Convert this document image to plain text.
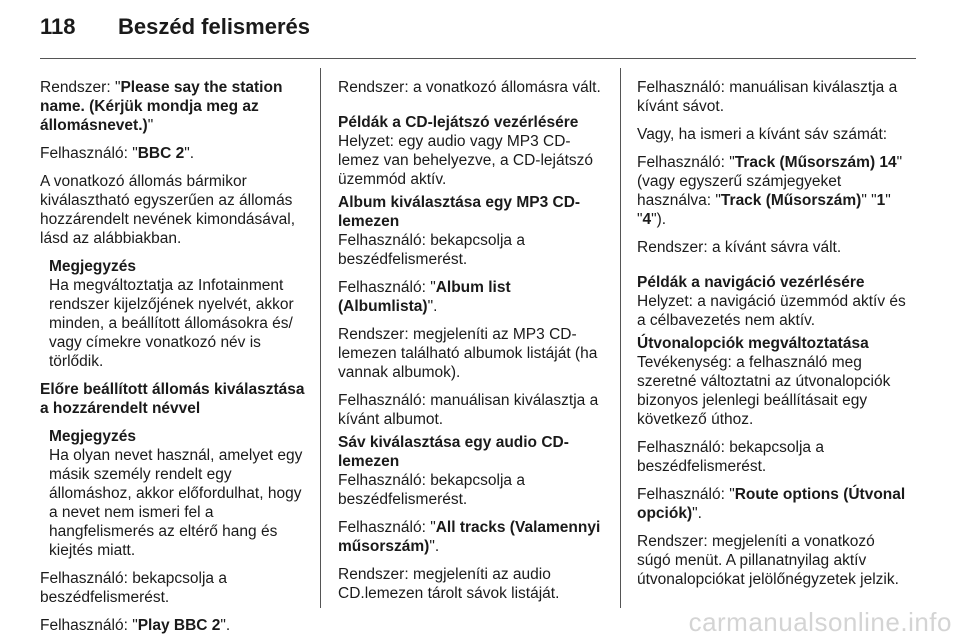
118 Beszéd felismerés

Rendszer: "Please say the station name. (Kérjük mondja meg az állomásnevet.)"

Felhasználó: "BBC 2".

A vonatkozó állomás bármikor kiválasztható egyszerűen az állomás hozzárendelt nevének kimondásával, lásd az alábbiakban.

Megjegyzés
Ha megváltoztatja az Infotainment rendszer kijelzőjének nyelvét, akkor minden, a beállított állomásokra és/ vagy címekre vonatkozó név is törlődik.

Előre beállított állomás kiválasztása a hozzárendelt névvel

Megjegyzés
Ha olyan nevet használ, amelyet egy másik személy rendelt egy állomáshoz, akkor előfordulhat, hogy a nevet nem ismeri fel a hangfelismerés az eltérő hang és kiejtés miatt.

Felhasználó: bekapcsolja a beszédfelismerést.

Felhasználó: "Play BBC 2".

Rendszer: a vonatkozó állomásra vált.

Példák a CD-lejátszó vezérlésére

Helyzet: egy audio vagy MP3 CD-lemez van behelyezve, a CD-lejátszó üzemmód aktív.

Album kiválasztása egy MP3 CD-lemezen

Felhasználó: bekapcsolja a beszédfelismerést.

Felhasználó: "Album list (Albumlista)".

Rendszer: megjeleníti az MP3 CD-lemezen található albumok listáját (ha vannak albumok).

Felhasználó: manuálisan kiválasztja a kívánt albumot.

Sáv kiválasztása egy audio CD-lemezen

Felhasználó: bekapcsolja a beszédfelismerést.

Felhasználó: "All tracks (Valamennyi műsorszám)".

Rendszer: megjeleníti az audio CD.lemezen tárolt sávok listáját.

Felhasználó: manuálisan kiválasztja a kívánt sávot.

Vagy, ha ismeri a kívánt sáv számát:

Felhasználó: "Track (Műsorszám) 14" (vagy egyszerű számjegyeket használva: "Track (Műsorszám)" "1" "4").

Rendszer: a kívánt sávra vált.

Példák a navigáció vezérlésére

Helyzet: a navigáció üzemmód aktív és a célbavezetés nem aktív.

Útvonalopciók megváltoztatása

Tevékenység: a felhasználó meg szeretné változtatni az útvonalopciók bizonyos jelenlegi beállításait egy következő úthoz.

Felhasználó: bekapcsolja a beszédfelismerést.

Felhasználó: "Route options (Útvonal opciók)".

Rendszer: megjeleníti a vonatkozó súgó menüt. A pillanatnyilag aktív útvonalopciókat jelölőnégyzetek jelzik.

carmanualsonline.info
